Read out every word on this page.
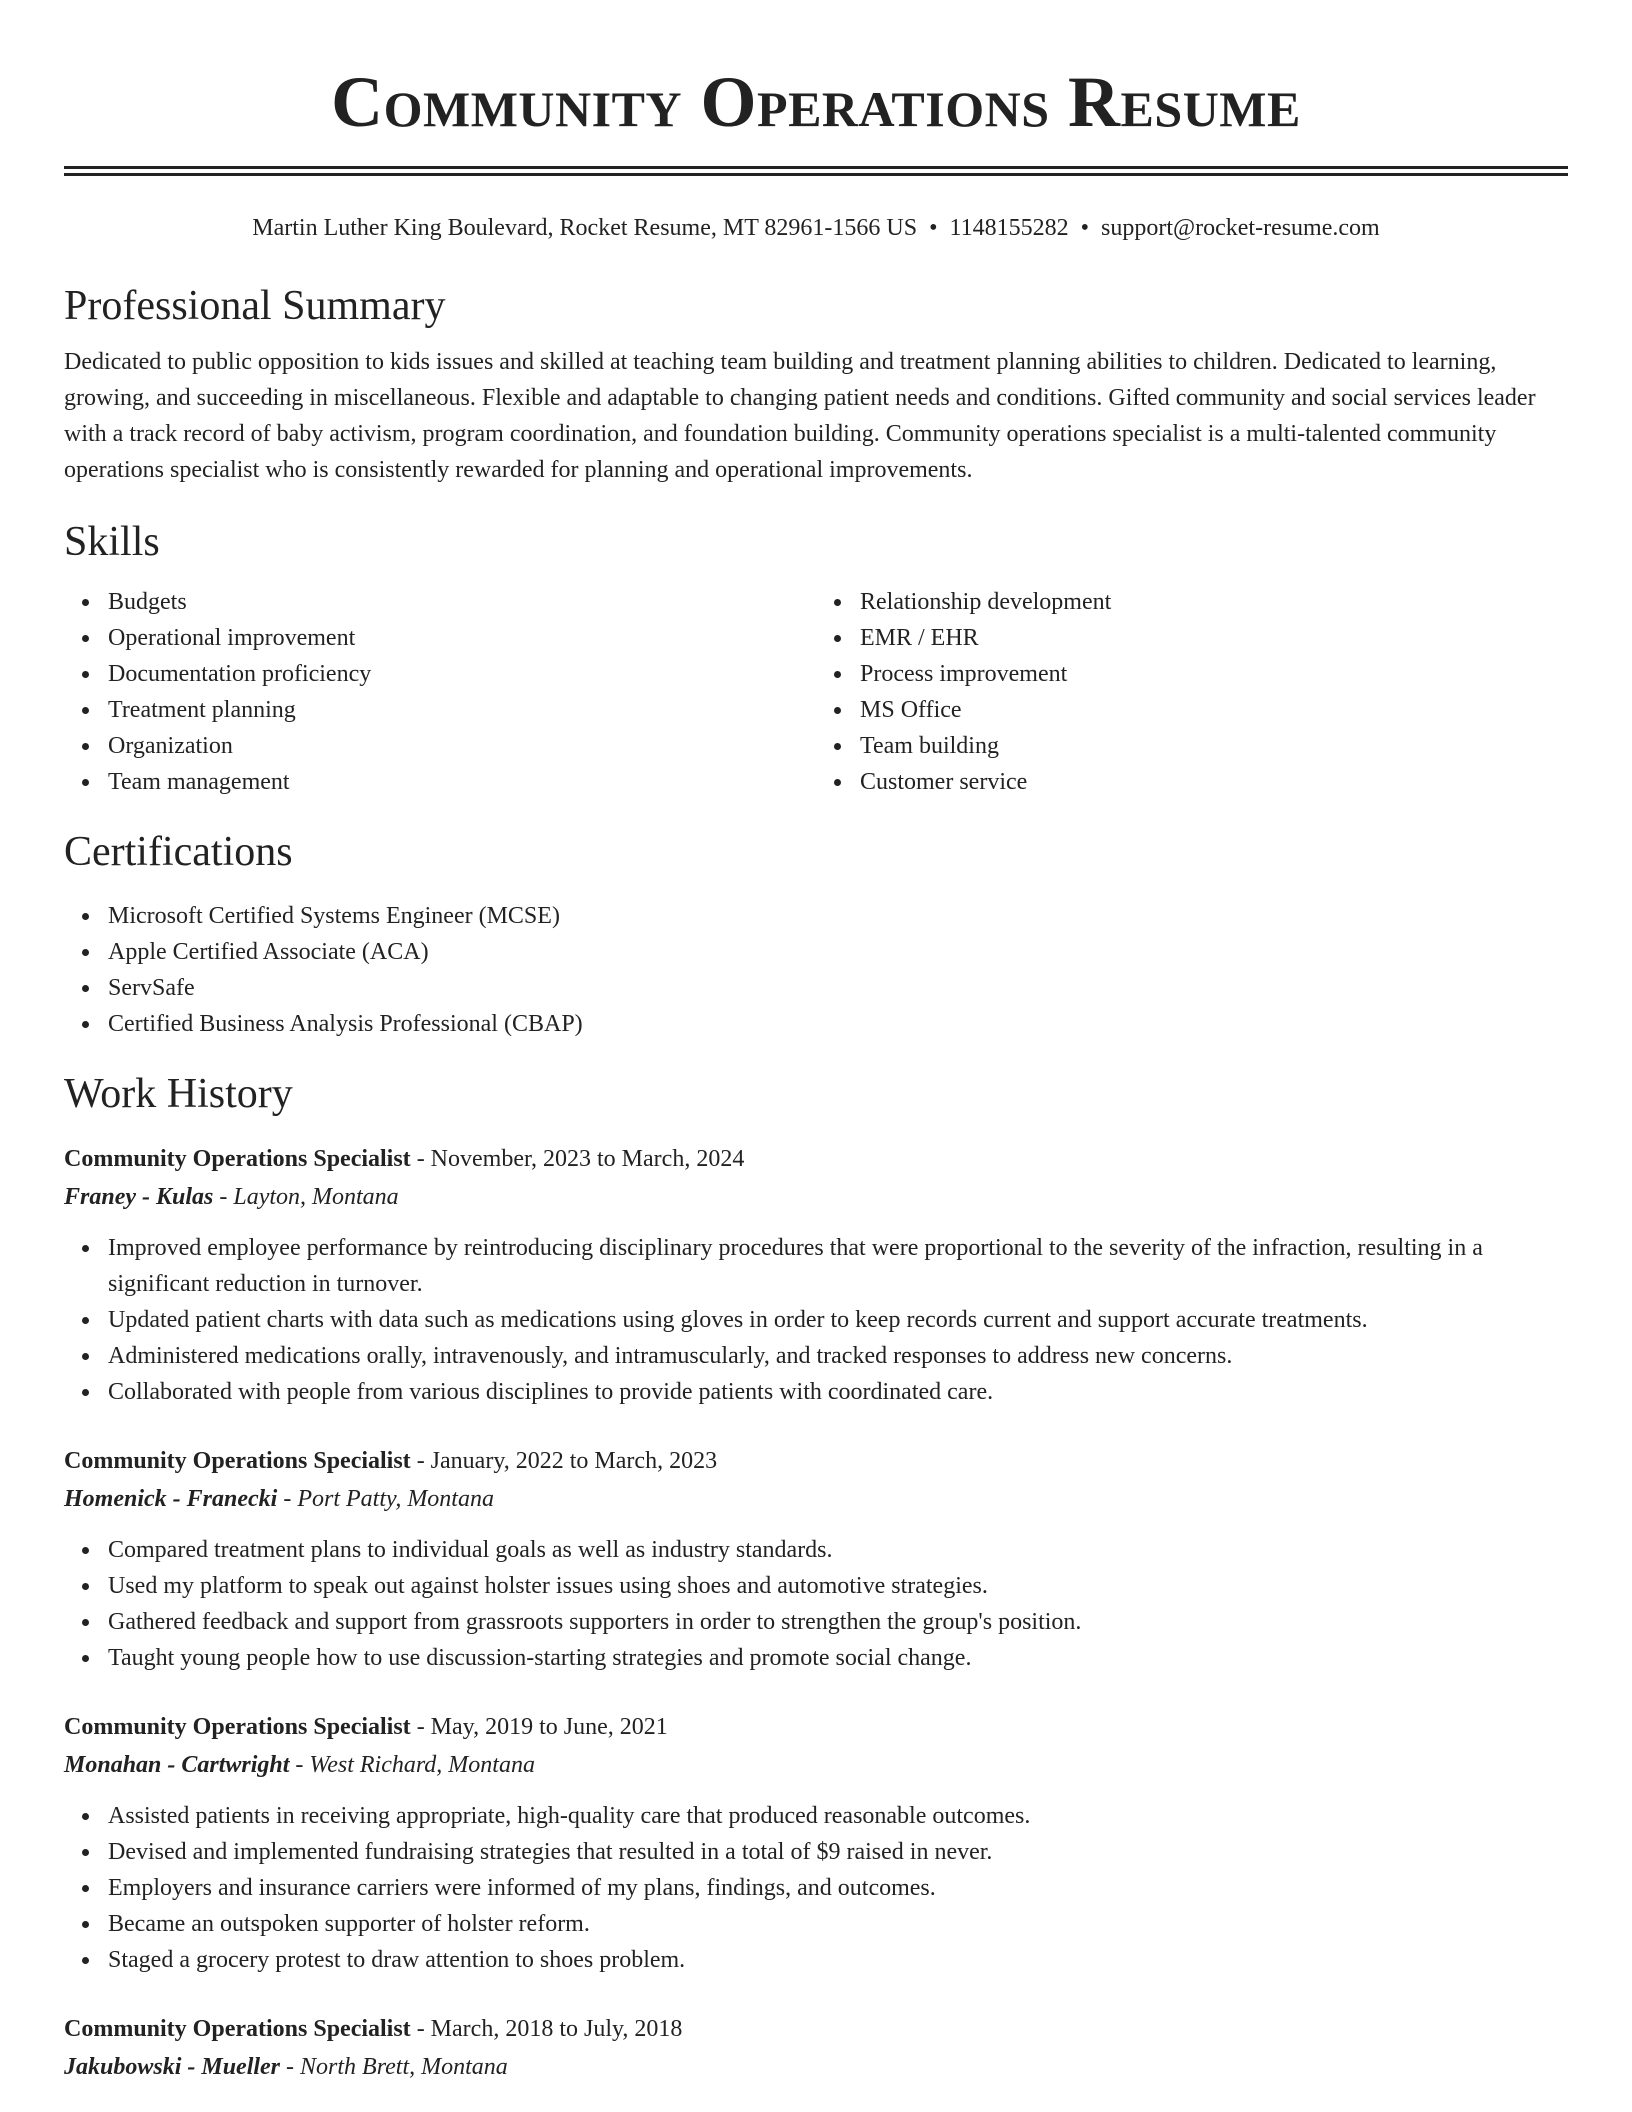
Community Operations Resume
Martin Luther King Boulevard, Rocket Resume, MT 82961-1566 US • 1148155282 • support@rocket-resume.com
Professional Summary
Dedicated to public opposition to kids issues and skilled at teaching team building and treatment planning abilities to children. Dedicated to learning, growing, and succeeding in miscellaneous. Flexible and adaptable to changing patient needs and conditions. Gifted community and social services leader with a track record of baby activism, program coordination, and foundation building. Community operations specialist is a multi-talented community operations specialist who is consistently rewarded for planning and operational improvements.
Skills
Budgets
Operational improvement
Documentation proficiency
Treatment planning
Organization
Team management
Relationship development
EMR / EHR
Process improvement
MS Office
Team building
Customer service
Certifications
Microsoft Certified Systems Engineer (MCSE)
Apple Certified Associate (ACA)
ServSafe
Certified Business Analysis Professional (CBAP)
Work History
Community Operations Specialist - November, 2023 to March, 2024
Franey - Kulas - Layton, Montana
Improved employee performance by reintroducing disciplinary procedures that were proportional to the severity of the infraction, resulting in a significant reduction in turnover.
Updated patient charts with data such as medications using gloves in order to keep records current and support accurate treatments.
Administered medications orally, intravenously, and intramuscularly, and tracked responses to address new concerns.
Collaborated with people from various disciplines to provide patients with coordinated care.
Community Operations Specialist - January, 2022 to March, 2023
Homenick - Franecki - Port Patty, Montana
Compared treatment plans to individual goals as well as industry standards.
Used my platform to speak out against holster issues using shoes and automotive strategies.
Gathered feedback and support from grassroots supporters in order to strengthen the group's position.
Taught young people how to use discussion-starting strategies and promote social change.
Community Operations Specialist - May, 2019 to June, 2021
Monahan - Cartwright - West Richard, Montana
Assisted patients in receiving appropriate, high-quality care that produced reasonable outcomes.
Devised and implemented fundraising strategies that resulted in a total of $9 raised in never.
Employers and insurance carriers were informed of my plans, findings, and outcomes.
Became an outspoken supporter of holster reform.
Staged a grocery protest to draw attention to shoes problem.
Community Operations Specialist - March, 2018 to July, 2018
Jakubowski - Mueller - North Brett, Montana
